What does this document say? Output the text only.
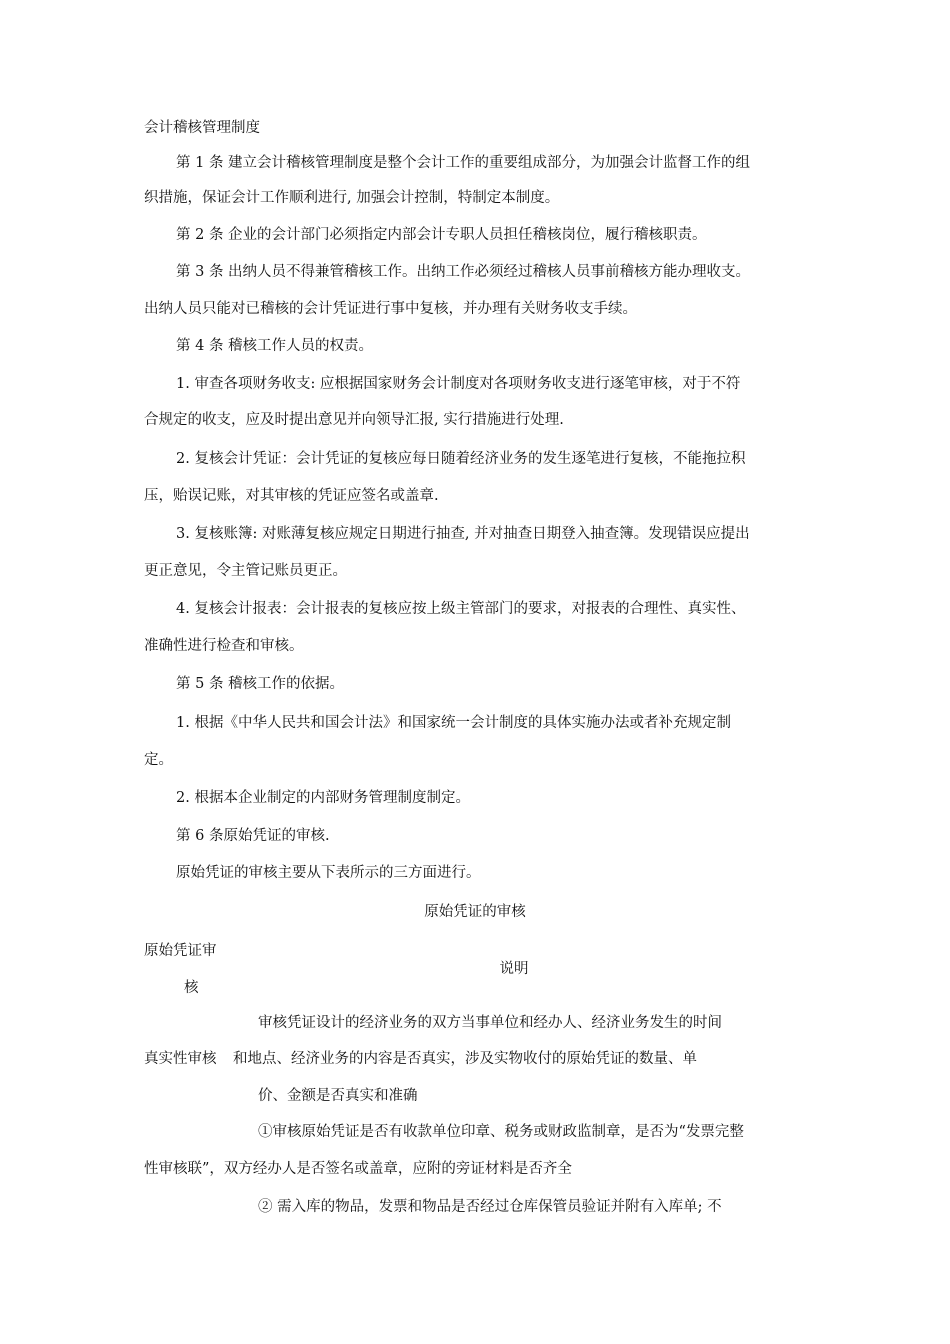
会计稽核管理制度
第 1 条 建立会计稽核管理制度是整个会计工作的重要组成部分，为加强会计监督工作的组
织措施，保证会计工作顺利进行, 加强会计控制，特制定本制度。
第 2 条 企业的会计部门必须指定内部会计专职人员担任稽核岗位，履行稽核职责。
第 3 条 出纳人员不得兼管稽核工作。出纳工作必须经过稽核人员事前稽核方能办理收支。
出纳人员只能对已稽核的会计凭证进行事中复核，并办理有关财务收支手续。
第 4 条 稽核工作人员的权责。
1. 审查各项财务收支: 应根据国家财务会计制度对各项财务收支进行逐笔审核，对于不符
合规定的收支，应及时提出意见并向领导汇报, 实行措施进行处理.
2. 复核会计凭证：会计凭证的复核应每日随着经济业务的发生逐笔进行复核，不能拖拉积
压，贻误记账，对其审核的凭证应签名或盖章.
3. 复核账簿: 对账薄复核应规定日期进行抽查, 并对抽查日期登入抽查簿。发现错误应提出
更正意见，令主管记账员更正。
4. 复核会计报表：会计报表的复核应按上级主管部门的要求，对报表的合理性、真实性、
准确性进行检查和审核。
第 5 条 稽核工作的依据。
1. 根据《中华人民共和国会计法》和国家统一会计制度的具体实施办法或者补充规定制
定。
2. 根据本企业制定的内部财务管理制度制定。
第 6 条原始凭证的审核.
原始凭证的审核主要从下表所示的三方面进行。
原始凭证的审核
原始凭证审
说明
核
审核凭证设计的经济业务的双方当事单位和经办人、经济业务发生的时间
真实性审核 和地点、经济业务的内容是否真实，涉及实物收付的原始凭证的数量、单
价、金额是否真实和准确
①审核原始凭证是否有收款单位印章、税务或财政监制章，是否为“发票完整
性审核联”，双方经办人是否签名或盖章，应附的旁证材料是否齐全
② 需入库的物品，发票和物品是否经过仓库保管员验证并附有入库单; 不
